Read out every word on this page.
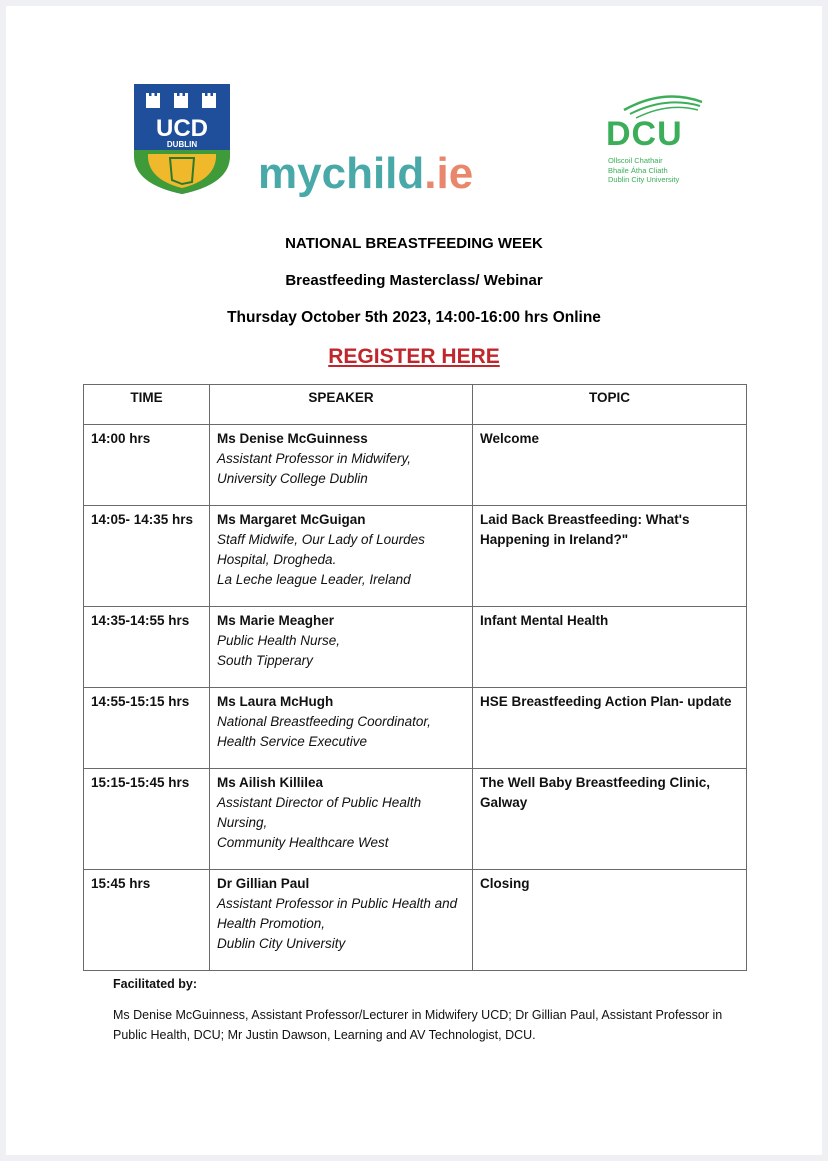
UCD
DUBLIN
mychild.ie
DCU
Ollscoil Chathair
Bhaile Átha Cliath
Dublin City University
NATIONAL BREASTFEEDING WEEK
Breastfeeding Masterclass/ Webinar
Thursday October 5th 2023, 14:00-16:00 hrs Online
REGISTER HERE
TIME	SPEAKER	TOPIC
14:00 hrs	Ms Denise McGuinness
Assistant Professor in Midwifery,
University College Dublin	Welcome
14:05- 14:35 hrs	Ms Margaret McGuigan
Staff Midwife, Our Lady of Lourdes Hospital, Drogheda.
La Leche league Leader, Ireland	Laid Back Breastfeeding: What's Happening in Ireland?"
14:35-14:55 hrs	Ms Marie Meagher
Public Health Nurse,
South Tipperary	Infant Mental Health
14:55-15:15 hrs	Ms Laura McHugh
National Breastfeeding Coordinator,
Health Service Executive	HSE Breastfeeding Action Plan- update
15:15-15:45 hrs	Ms Ailish Killilea
Assistant Director of Public Health Nursing,
Community Healthcare West	The Well Baby Breastfeeding Clinic, Galway
15:45 hrs	Dr Gillian Paul
Assistant Professor in Public Health and Health Promotion,
Dublin City University	Closing
Facilitated by:
Ms Denise McGuinness, Assistant Professor/Lecturer in Midwifery UCD; Dr Gillian Paul, Assistant Professor in Public Health, DCU; Mr Justin Dawson, Learning and AV Technologist, DCU.
